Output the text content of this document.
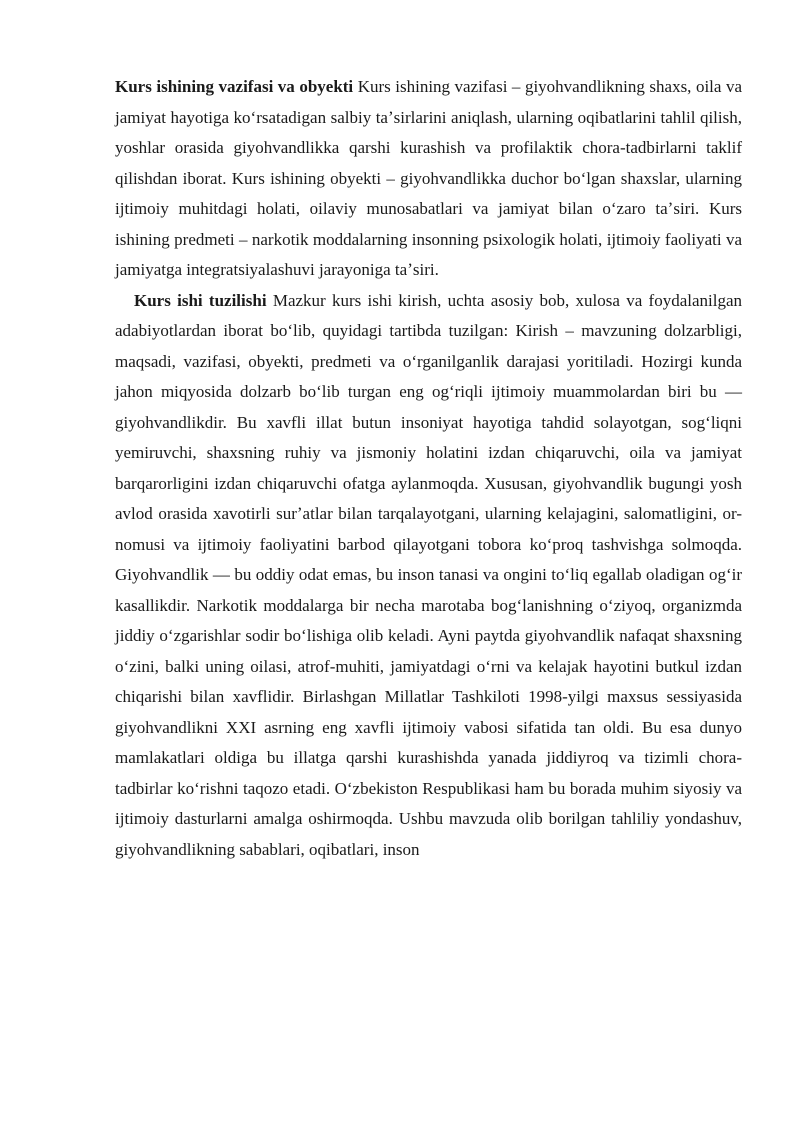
Kurs ishining vazifasi va obyekti Kurs ishining vazifasi – giyohvandlikning shaxs, oila va jamiyat hayotiga koʻrsatadigan salbiy taʼsirlarini aniqlash, ularning oqibatlarini tahlil qilish, yoshlar orasida giyohvandlikka qarshi kurashish va profilaktik chora-tadbirlarni taklif qilishdan iborat. Kurs ishining obyekti – giyohvandlikka duchor boʻlgan shaxslar, ularning ijtimoiy muhitdagi holati, oilaviy munosabatlari va jamiyat bilan oʻzaro taʼsiri. Kurs ishining predmeti – narkotik moddalarning insonning psixologik holati, ijtimoiy faoliyati va jamiyatga integratsiyalashuvi jarayoniga taʼsiri.

Kurs ishi tuzilishi Mazkur kurs ishi kirish, uchta asosiy bob, xulosa va foydalanilgan adabiyotlardan iborat boʻlib, quyidagi tartibda tuzilgan: Kirish – mavzuning dolzarbligi, maqsadi, vazifasi, obyekti, predmeti va oʻrganilganlik darajasi yoritiladi. Hozirgi kunda jahon miqyosida dolzarb boʻlib turgan eng ogʻriqli ijtimoiy muammolardan biri bu — giyohvandlikdir. Bu xavfli illat butun insoniyat hayotiga tahdid solayotgan, sogʻliqni yemiruvchi, shaxsning ruhiy va jismoniy holatini izdan chiqaruvchi, oila va jamiyat barqarorligini izdan chiqaruvchi ofatga aylanmoqda. Xususan, giyohvandlik bugungi yosh avlod orasida xavotirli surʼatlar bilan tarqalayotgani, ularning kelajagini, salomatligini, or-nomusi va ijtimoiy faoliyatini barbod qilayotgani tobora koʻproq tashvishga solmoqda. Giyohvandlik — bu oddiy odat emas, bu inson tanasi va ongini toʻliq egallab oladigan ogʻir kasallikdir. Narkotik moddalarga bir necha marotaba bogʻlanishning oʻziyoq, organizmda jiddiy oʻzgarishlar sodir boʻlishiga olib keladi. Ayni paytda giyohvandlik nafaqat shaxsning oʻzini, balki uning oilasi, atrof-muhiti, jamiyatdagi oʻrni va kelajak hayotini butkul izdan chiqarishi bilan xavflidir. Birlashgan Millatlar Tashkiloti 1998-yilgi maxsus sessiyasida giyohvandlikni XXI asrning eng xavfli ijtimoiy vabosi sifatida tan oldi. Bu esa dunyo mamlakatlari oldiga bu illatga qarshi kurashishda yanada jiddiyroq va tizimli chora-tadbirlar koʻrishni taqozo etadi. Oʻzbekiston Respublikasi ham bu borada muhim siyosiy va ijtimoiy dasturlarni amalga oshirmoqda. Ushbu mavzuda olib borilgan tahliliy yondashuv, giyohvandlikning sabablari, oqibatlari, inson
